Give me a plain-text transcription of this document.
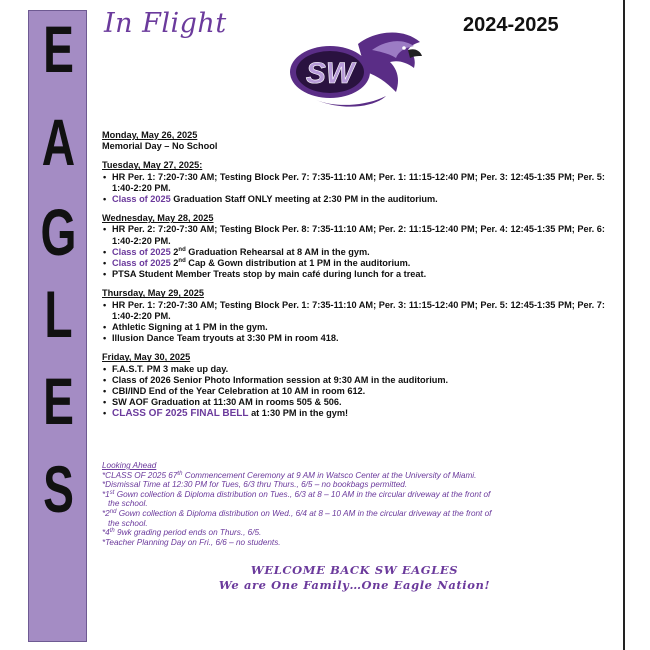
E
A
G
L
E
S
In Flight	2024-2025
SW
Monday, May 26, 2025
Memorial Day – No School
Tuesday, May 27, 2025:
• HR Per. 1: 7:20-7:30 AM; Testing Block Per. 7: 7:35-11:10 AM; Per. 1: 11:15-12:40 PM; Per. 3: 12:45-1:35 PM; Per. 5: 1:40-2:20 PM.
• Class of 2025 Graduation Staff ONLY meeting at 2:30 PM in the auditorium.
Wednesday, May 28, 2025
• HR Per. 2: 7:20-7:30 AM; Testing Block Per. 8: 7:35-11:10 AM; Per. 2: 11:15-12:40 PM; Per. 4: 12:45-1:35 PM; Per. 6: 1:40-2:20 PM.
• Class of 2025 2nd Graduation Rehearsal at 8 AM in the gym.
• Class of 2025 2nd Cap & Gown distribution at 1 PM in the auditorium.
• PTSA Student Member Treats stop by main café during lunch for a treat.
Thursday, May 29, 2025
• HR Per. 1: 7:20-7:30 AM; Testing Block Per. 1: 7:35-11:10 AM; Per. 3: 11:15-12:40 PM; Per. 5: 12:45-1:35 PM; Per. 7: 1:40-2:20 PM.
• Athletic Signing at 1 PM in the gym.
• Illusion Dance Team tryouts at 3:30 PM in room 418.
Friday, May 30, 2025
• F.A.S.T. PM 3 make up day.
• Class of 2026 Senior Photo Information session at 9:30 AM in the auditorium.
• CBI/IND End of the Year Celebration at 10 AM in room 612.
• SW AOF Graduation at 11:30 AM in rooms 505 & 506.
• CLASS OF 2025 FINAL BELL at 1:30 PM in the gym!
Looking Ahead
*CLASS OF 2025 67th Commencement Ceremony at 9 AM in Watsco Center at the University of Miami.
*Dismissal Time at 12:30 PM for Tues, 6/3 thru Thurs., 6/5 – no bookbags permitted.
*1st Gown collection & Diploma distribution on Tues., 6/3 at 8 – 10 AM in the circular driveway at the front of
the school.
*2nd Gown collection & Diploma distribution on Wed., 6/4 at 8 – 10 AM in the circular driveway at the front of
the school.
*4th 9wk grading period ends on Thurs., 6/5.
*Teacher Planning Day on Fri., 6/6 – no students.
WELCOME BACK SW EAGLES
We are One Family…One Eagle Nation!
